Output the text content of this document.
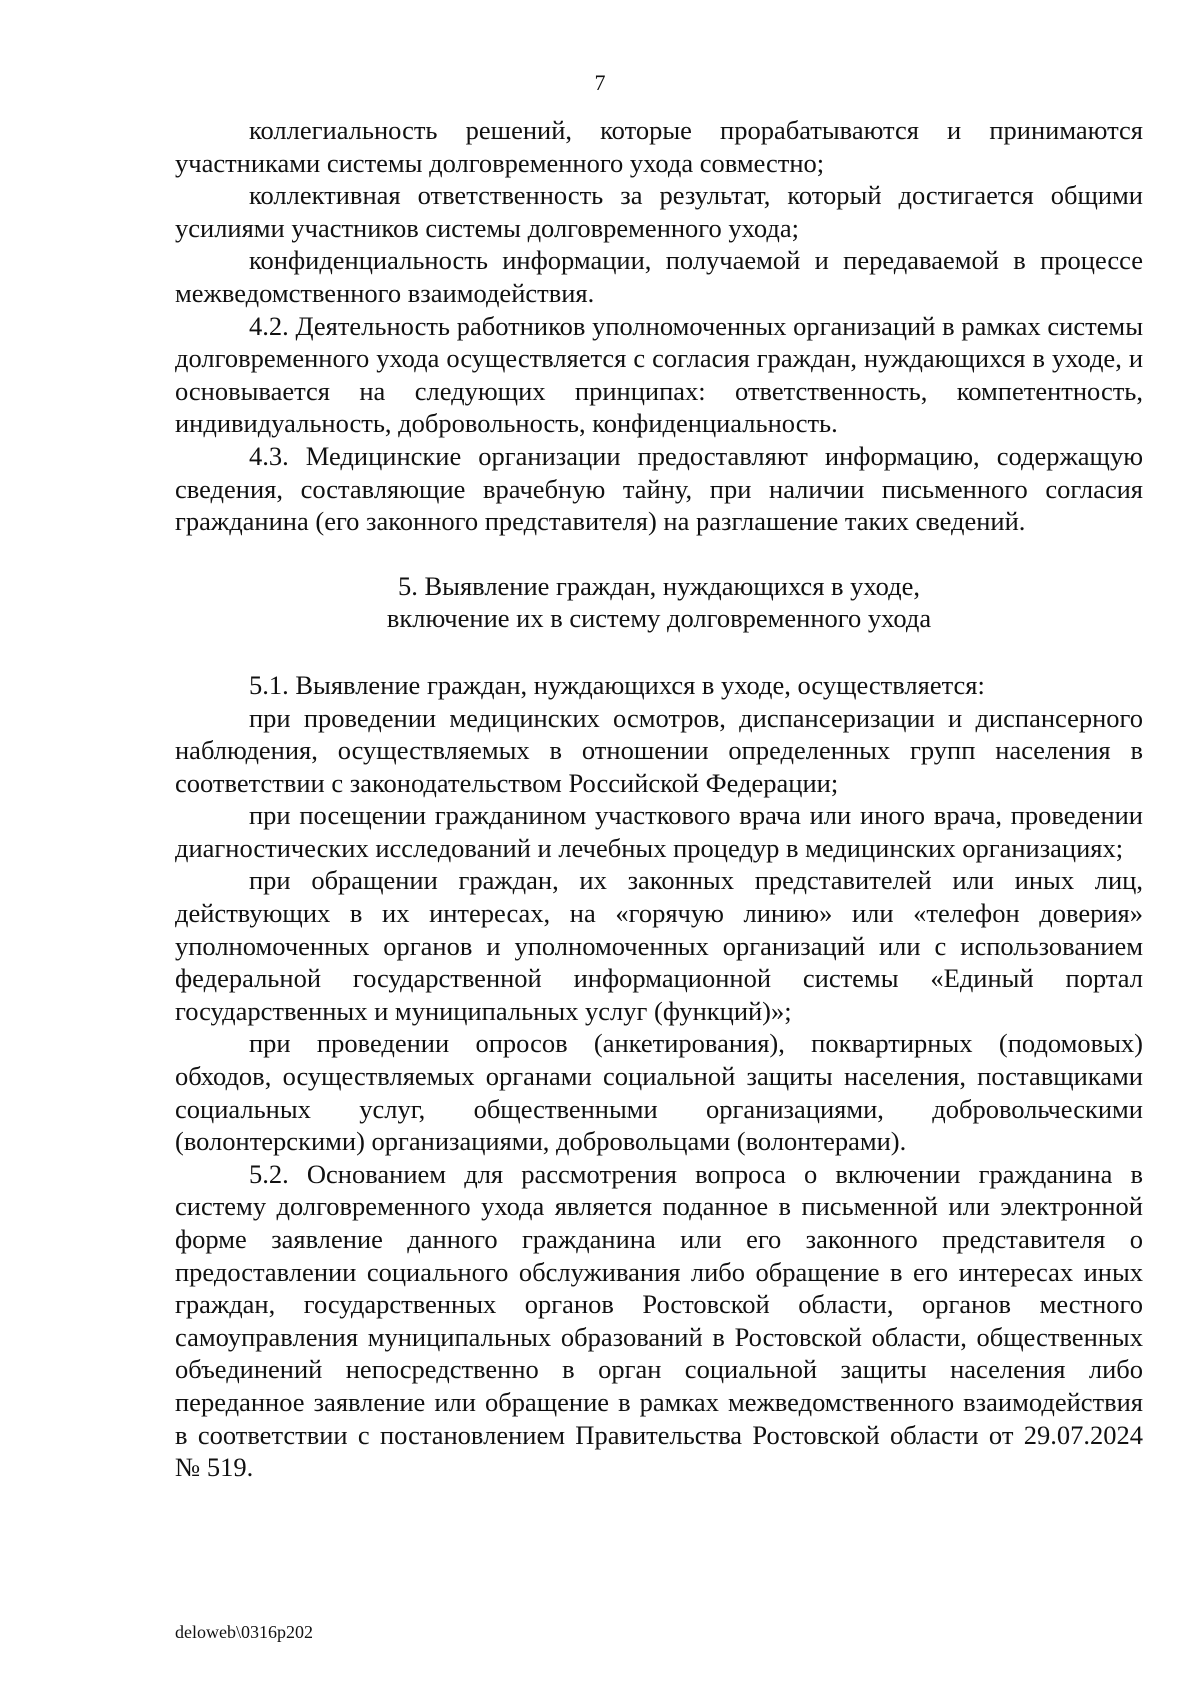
7

коллегиальность решений, которые прорабатываются и принимаются участниками системы долговременного ухода совместно;

коллективная ответственность за результат, который достигается общими усилиями участников системы долговременного ухода;

конфиденциальность информации, получаемой и передаваемой в процессе межведомственного взаимодействия.

4.2. Деятельность работников уполномоченных организаций в рамках системы долговременного ухода осуществляется с согласия граждан, нуждающихся в уходе, и основывается на следующих принципах: ответственность, компетентность, индивидуальность, добровольность, конфиденциальность.

4.3. Медицинские организации предоставляют информацию, содержащую сведения, составляющие врачебную тайну, при наличии письменного согласия гражданина (его законного представителя) на разглашение таких сведений.

5. Выявление граждан, нуждающихся в уходе,
включение их в систему долговременного ухода

5.1. Выявление граждан, нуждающихся в уходе, осуществляется:

при проведении медицинских осмотров, диспансеризации и диспансерного наблюдения, осуществляемых в отношении определенных групп населения в соответствии с законодательством Российской Федерации;

при посещении гражданином участкового врача или иного врача, проведении диагностических исследований и лечебных процедур в медицинских организациях;

при обращении граждан, их законных представителей или иных лиц, действующих в их интересах, на «горячую линию» или «телефон доверия» уполномоченных органов и уполномоченных организаций или с использованием федеральной государственной информационной системы «Единый портал государственных и муниципальных услуг (функций)»;

при проведении опросов (анкетирования), поквартирных (подомовых) обходов, осуществляемых органами социальной защиты населения, поставщиками социальных услуг, общественными организациями, добровольческими (волонтерскими) организациями, добровольцами (волонтерами).

5.2. Основанием для рассмотрения вопроса о включении гражданина в систему долговременного ухода является поданное в письменной или электронной форме заявление данного гражданина или его законного представителя о предоставлении социального обслуживания либо обращение в его интересах иных граждан, государственных органов Ростовской области, органов местного самоуправления муниципальных образований в Ростовской области, общественных объединений непосредственно в орган социальной защиты населения либо переданное заявление или обращение в рамках межведомственного взаимодействия в соответствии с постановлением Правительства Ростовской области от 29.07.2024 № 519.

deloweb\0316p202
